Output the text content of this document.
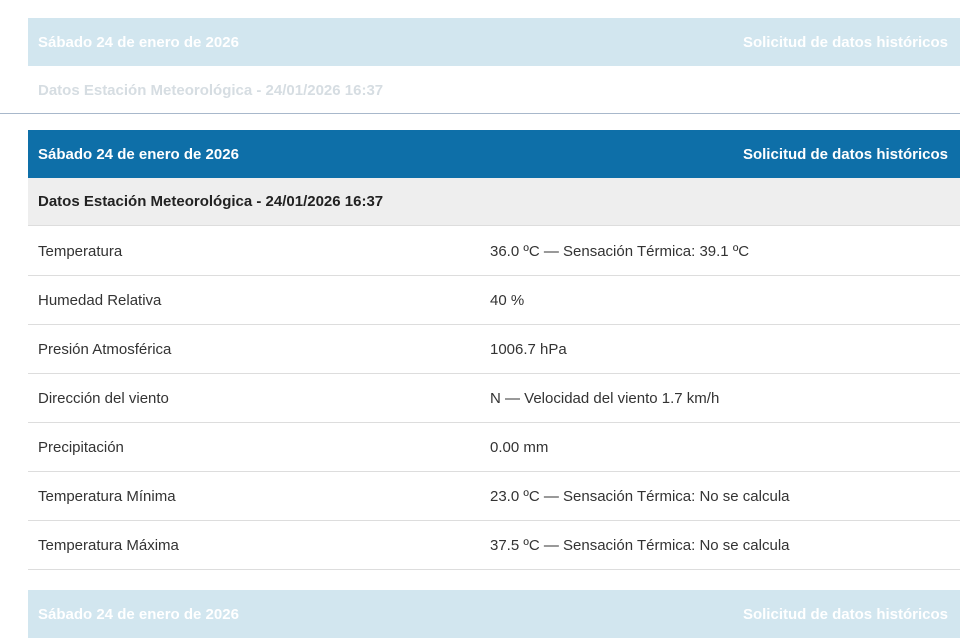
Sábado 24 de enero de 2026	Solicitud de datos históricos
Datos Estación Meteorológica - 24/01/2026 16:37
Sábado 24 de enero de 2026	Solicitud de datos históricos
Datos Estación Meteorológica - 24/01/2026 16:37
Temperatura	36.0 ºC — Sensación Térmica: 39.1 ºC
Humedad Relativa	40 %
Presión Atmosférica	1006.7 hPa
Dirección del viento	N — Velocidad del viento 1.7 km/h
Precipitación	0.00 mm
Temperatura Mínima	23.0 ºC — Sensación Térmica: No se calcula
Temperatura Máxima	37.5 ºC — Sensación Térmica: No se calcula
Sábado 24 de enero de 2026	Solicitud de datos históricos
